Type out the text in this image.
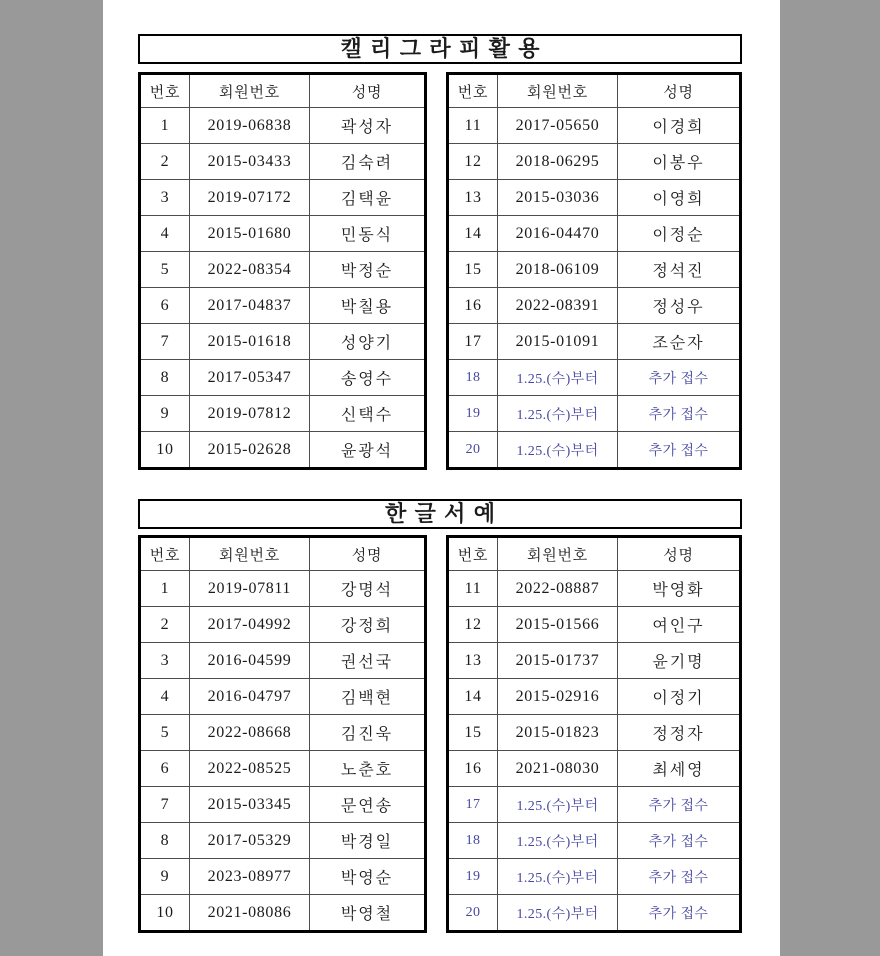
캘리그라피활용
번호	회원번호	성명
1	2019-06838	곽성자
2	2015-03433	김숙려
3	2019-07172	김택윤
4	2015-01680	민동식
5	2022-08354	박정순
6	2017-04837	박칠용
7	2015-01618	성양기
8	2017-05347	송영수
9	2019-07812	신택수
10	2015-02628	윤광석
번호	회원번호	성명
11	2017-05650	이경희
12	2018-06295	이봉우
13	2015-03036	이영희
14	2016-04470	이정순
15	2018-06109	정석진
16	2022-08391	정성우
17	2015-01091	조순자
18	1.25.(수)부터	추가 접수
19	1.25.(수)부터	추가 접수
20	1.25.(수)부터	추가 접수
한글서예
번호	회원번호	성명
1	2019-07811	강명석
2	2017-04992	강정희
3	2016-04599	권선국
4	2016-04797	김백현
5	2022-08668	김진욱
6	2022-08525	노춘호
7	2015-03345	문연송
8	2017-05329	박경일
9	2023-08977	박영순
10	2021-08086	박영철
번호	회원번호	성명
11	2022-08887	박영화
12	2015-01566	여인구
13	2015-01737	윤기명
14	2015-02916	이정기
15	2015-01823	정정자
16	2021-08030	최세영
17	1.25.(수)부터	추가 접수
18	1.25.(수)부터	추가 접수
19	1.25.(수)부터	추가 접수
20	1.25.(수)부터	추가 접수
